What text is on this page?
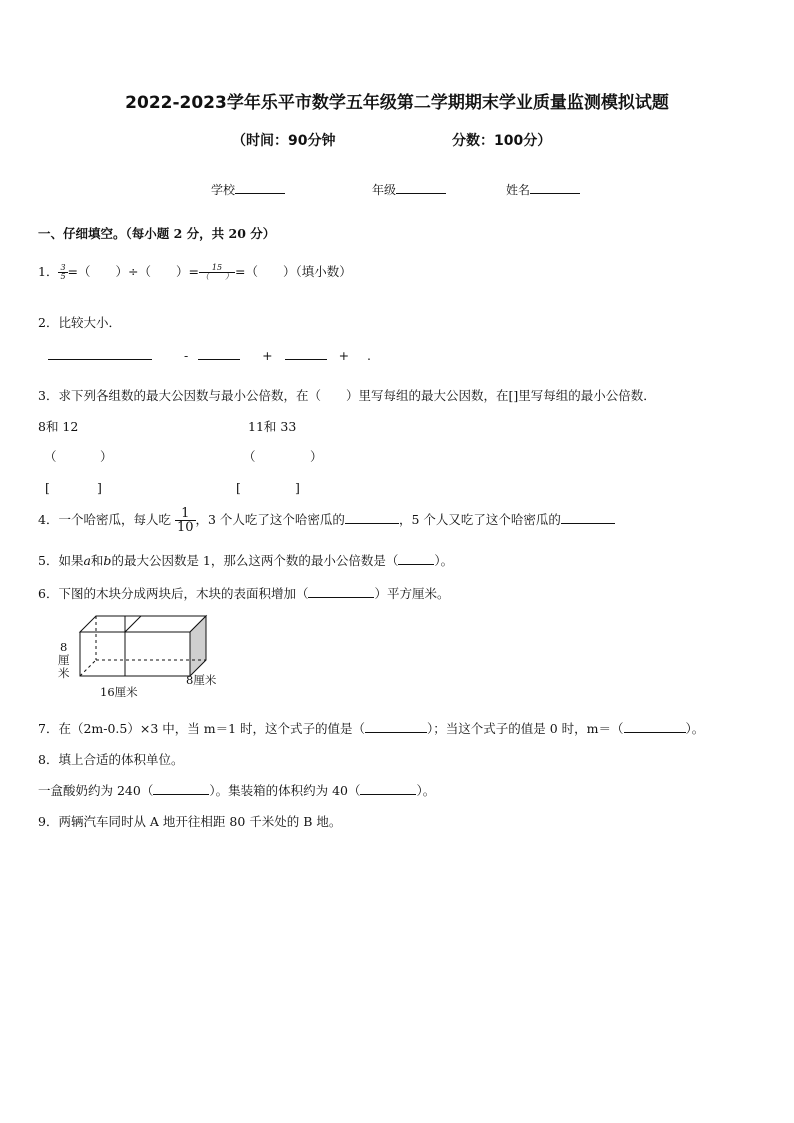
2022-2023学年乐平市数学五年级第二学期期末学业质量监测模拟试题
（时间：90分钟	分数：100分）
学校	年级	姓名
一、仔细填空。（每小题 2 分，共 20 分）
1． $\frac{3}{5}$ =（　　）÷（　　）= $\frac{15}{( )}$ =（　　）（填小数）
2．比较大小．
-	+	+ .
3．求下列各组数的最大公因数与最小公倍数，在（　　）里写每组的最大公因数，在[]里写每组的最小公倍数．
8和 12	11和 33
（	）	（	）
[	]	[	]
4．一个哈密瓜，每人吃 $\frac{1}{10}$ ，3 个人吃了这个哈密瓜的	，5 个人又吃了这个哈密瓜的
5．如果a和b的最大公因数是 1，那么这两个数的最小公倍数是（	）。
6．下图的木块分成两块后，木块的表面积增加（	）平方厘米。
8
厘
米
16厘米
8厘米
7．在（2m-0.5）×3 中，当 m＝1 时，这个式子的值是（	）；当这个式子的值是 0 时，m＝（	）。
8．填上合适的体积单位。
一盒酸奶约为 240（	）。集装箱的体积约为 40（	）。
9．两辆汽车同时从 A 地开往相距 80 千米处的 B 地。
